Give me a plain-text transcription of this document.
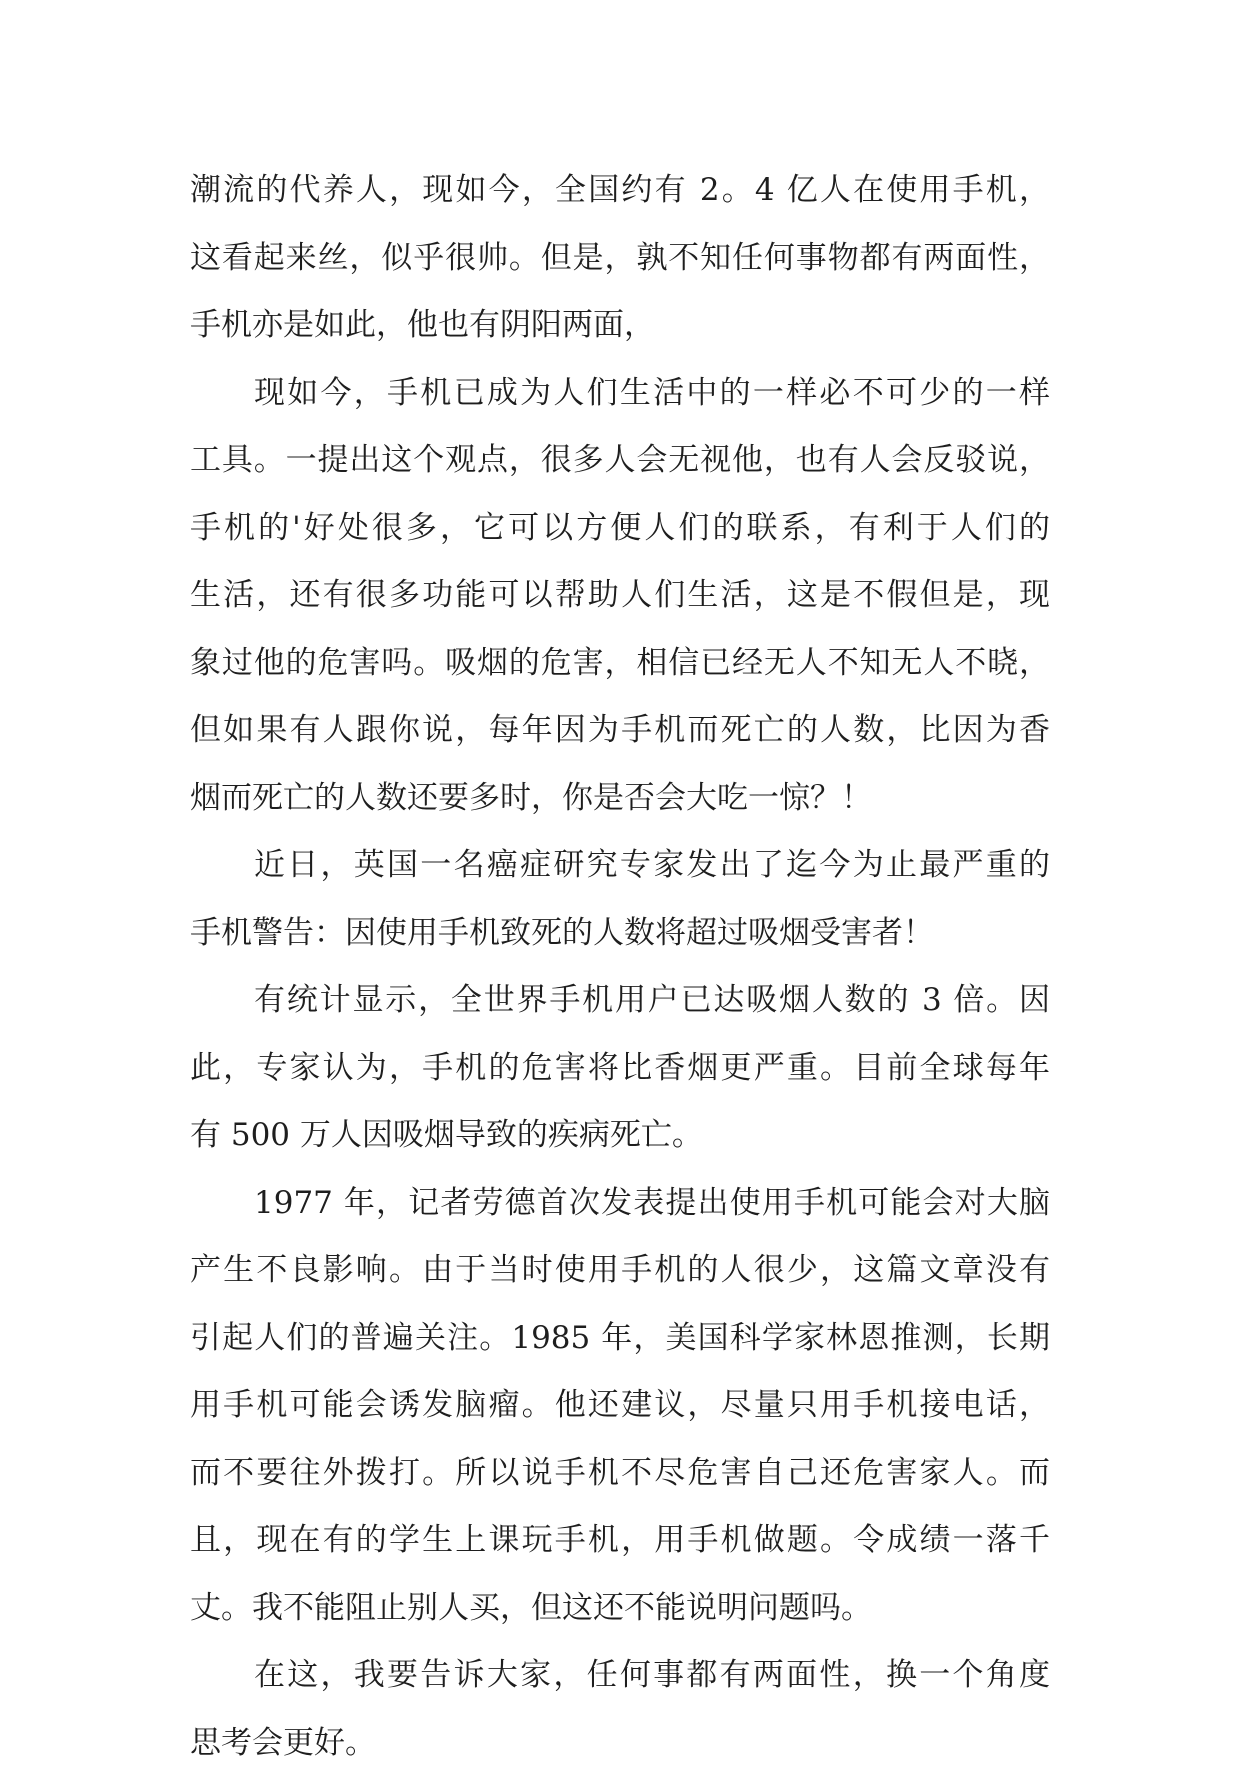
潮流的代养人，现如今，全国约有 2。4 亿人在使用手机，
这看起来丝，似乎很帅。但是，孰不知任何事物都有两面性，
手机亦是如此，他也有阴阳两面，
现如今，手机已成为人们生活中的一样必不可少的一样
工具。一提出这个观点，很多人会无视他，也有人会反驳说，
手机的'好处很多，它可以方便人们的联系，有利于人们的
生活，还有很多功能可以帮助人们生活，这是不假但是，现
象过他的危害吗。吸烟的危害，相信已经无人不知无人不晓，
但如果有人跟你说，每年因为手机而死亡的人数，比因为香
烟而死亡的人数还要多时，你是否会大吃一惊？！
近日，英国一名癌症研究专家发出了迄今为止最严重的
手机警告：因使用手机致死的人数将超过吸烟受害者！
有统计显示，全世界手机用户已达吸烟人数的 3 倍。因
此，专家认为，手机的危害将比香烟更严重。目前全球每年
有 500 万人因吸烟导致的疾病死亡。
1977 年，记者劳德首次发表提出使用手机可能会对大脑
产生不良影响。由于当时使用手机的人很少，这篇文章没有
引起人们的普遍关注。1985 年，美国科学家林恩推测，长期
用手机可能会诱发脑瘤。他还建议，尽量只用手机接电话，
而不要往外拨打。所以说手机不尽危害自己还危害家人。而
且，现在有的学生上课玩手机，用手机做题。令成绩一落千
丈。我不能阻止别人买，但这还不能说明问题吗。
在这，我要告诉大家，任何事都有两面性，换一个角度
思考会更好。
